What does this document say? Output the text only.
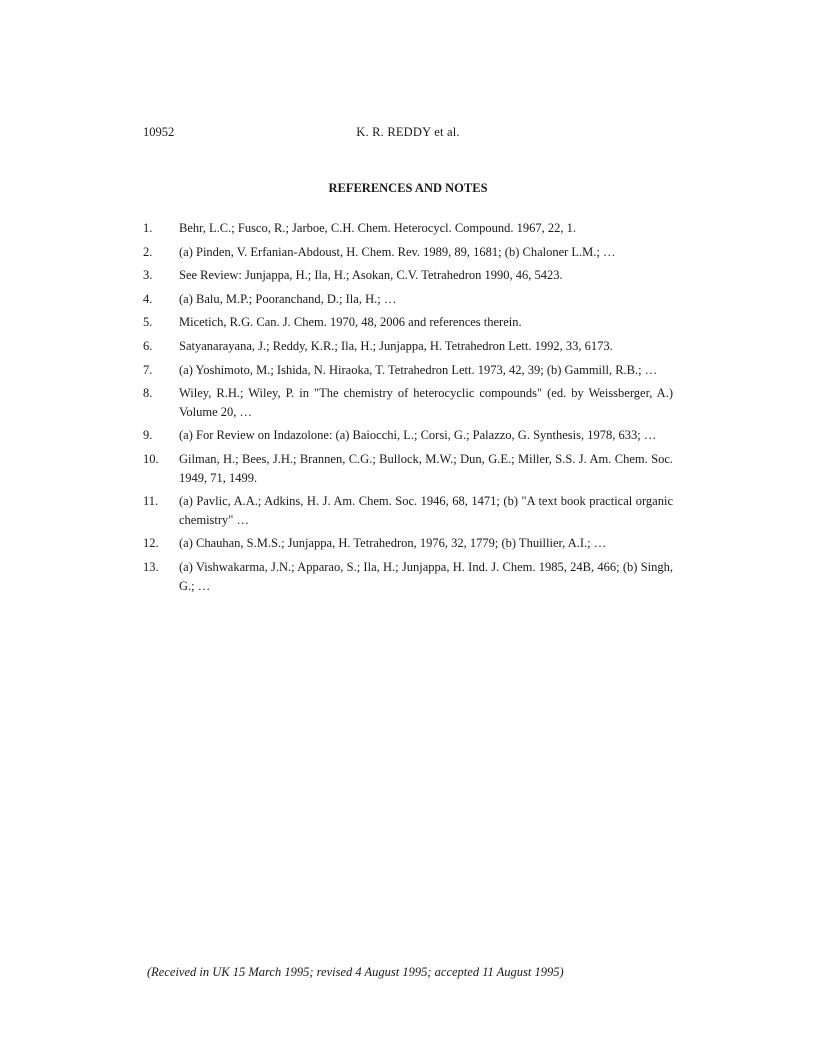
10952	K. R. REDDY et al.
REFERENCES AND NOTES
1. Behr, L.C.; Fusco, R.; Jarboe, C.H. Chem. Heterocycl. Compound. 1967, 22, 1.
2. (a) Pinden, V. Erfanian-Abdoust, H. Chem. Rev. 1989, 89, 1681; (b) Chaloner L.M.; …
3. See Review: Junjappa, H.; Ila, H.; Asokan, C.V. Tetrahedron 1990, 46, 5423.
4. (a) Balu, M.P.; Pooranchand, D.; Ila, H.; …
5. Micetich, R.G. Can. J. Chem. 1970, 48, 2006 and references therein.
6. Satyanarayana, J.; Reddy, K.R.; Ila, H.; Junjappa, H. Tetrahedron Lett. 1992, 33, 6173.
7. (a) Yoshimoto, M.; Ishida, N. Hiraoka, T. Tetrahedron Lett. 1973, 42, 39; (b) Gammill, R.B.; …
8. Wiley, R.H.; Wiley, P. in "The chemistry of heterocyclic compounds" (ed. by Weissberger, A.) Volume 20, …
9. (a) For Review on Indazolone: (a) Baiocchi, L.; Corsi, G.; Palazzo, G. Synthesis, 1978, 633; …
10. Gilman, H.; Bees, J.H.; Brannen, C.G.; Bullock, M.W.; Dun, G.E.; Miller, S.S. J. Am. Chem. Soc. 1949, 71, 1499.
11. (a) Pavlic, A.A.; Adkins, H. J. Am. Chem. Soc. 1946, 68, 1471; (b) "A text book practical organic chemistry" …
12. (a) Chauhan, S.M.S.; Junjappa, H. Tetrahedron, 1976, 32, 1779; (b) Thuillier, A.I.; …
13. (a) Vishwakarma, J.N.; Apparao, S.; Ila, H.; Junjappa, H. Ind. J. Chem. 1985, 24B, 466; (b) Singh, G.; …
(Received in UK 15 March 1995; revised 4 August 1995; accepted 11 August 1995)
